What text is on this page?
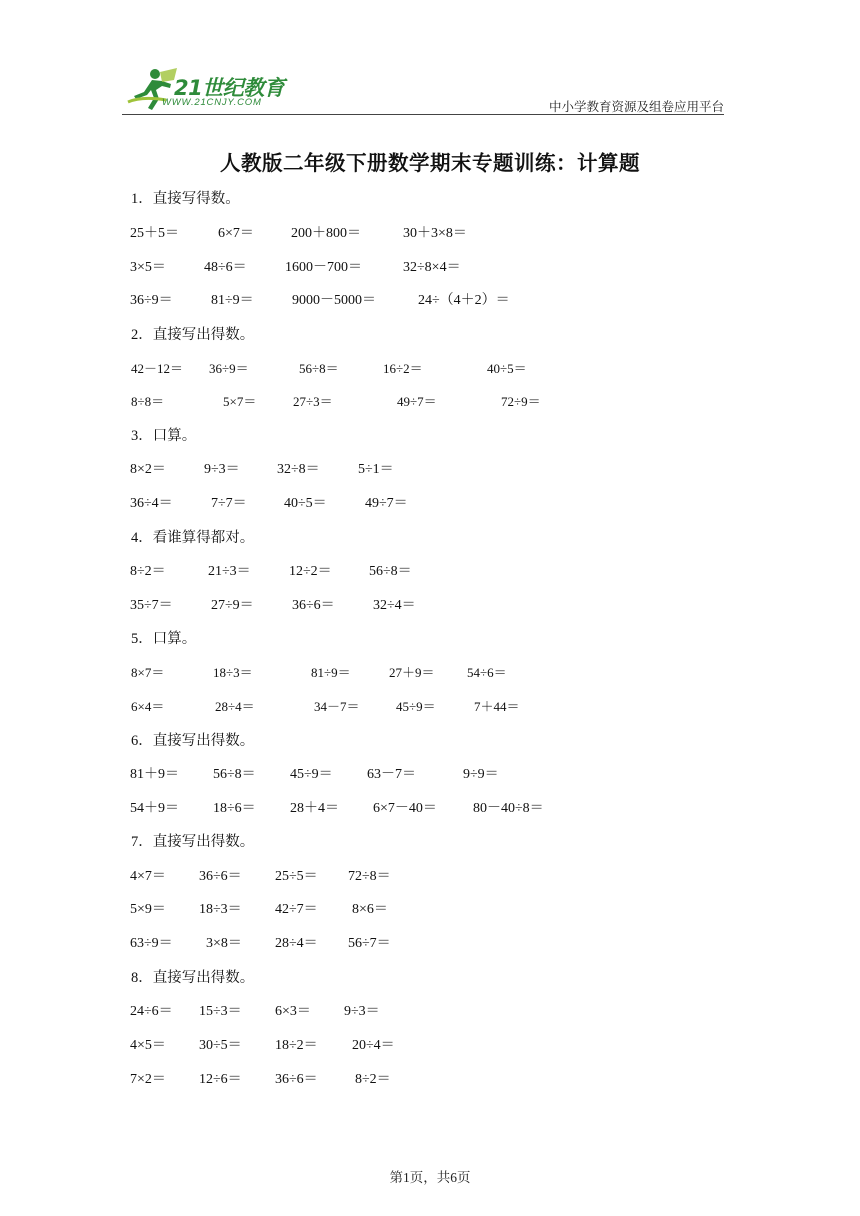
21世纪教育
WWW.21CNJY.COM	中小学教育资源及组卷应用平台
人教版二年级下册数学期末专题训练：计算题
1．直接写得数。
25＋5＝	6×7＝	200＋800＝	30＋3×8＝
3×5＝	48÷6＝	1600－700＝	32÷8×4＝
36÷9＝	81÷9＝	9000－5000＝	24÷（4＋2）＝
2．直接写出得数。
42－12＝ 36÷9＝	56÷8＝	16÷2＝	40÷5＝
8÷8＝	5×7＝	27÷3＝	49÷7＝	72÷9＝
3．口算。
8×2＝	9÷3＝	32÷8＝	5÷1＝
36÷4＝	7÷7＝	40÷5＝	49÷7＝
4．看谁算得都对。
8÷2＝	21÷3＝	12÷2＝	56÷8＝
35÷7＝	27÷9＝	36÷6＝	32÷4＝
5．口算。
8×7＝	18÷3＝	81÷9＝	27＋9＝ 54÷6＝
6×4＝	28÷4＝	34－7＝	45÷9＝	7＋44＝
6．直接写出得数。
81＋9＝ 56÷8＝ 45÷9＝ 63－7＝	9÷9＝
54＋9＝ 18÷6＝ 28＋4＝ 6×7－40＝	80－40÷8＝
7．直接写出得数。
4×7＝ 36÷6＝ 25÷5＝ 72÷8＝
5×9＝ 18÷3＝ 42÷7＝ 8×6＝
63÷9＝ 3×8＝ 28÷4＝ 56÷7＝
8．直接写出得数。
24÷6＝ 15÷3＝ 6×3＝ 9÷3＝
4×5＝ 30÷5＝ 18÷2＝ 20÷4＝
7×2＝ 12÷6＝ 36÷6＝	8÷2＝
第1页，共6页
